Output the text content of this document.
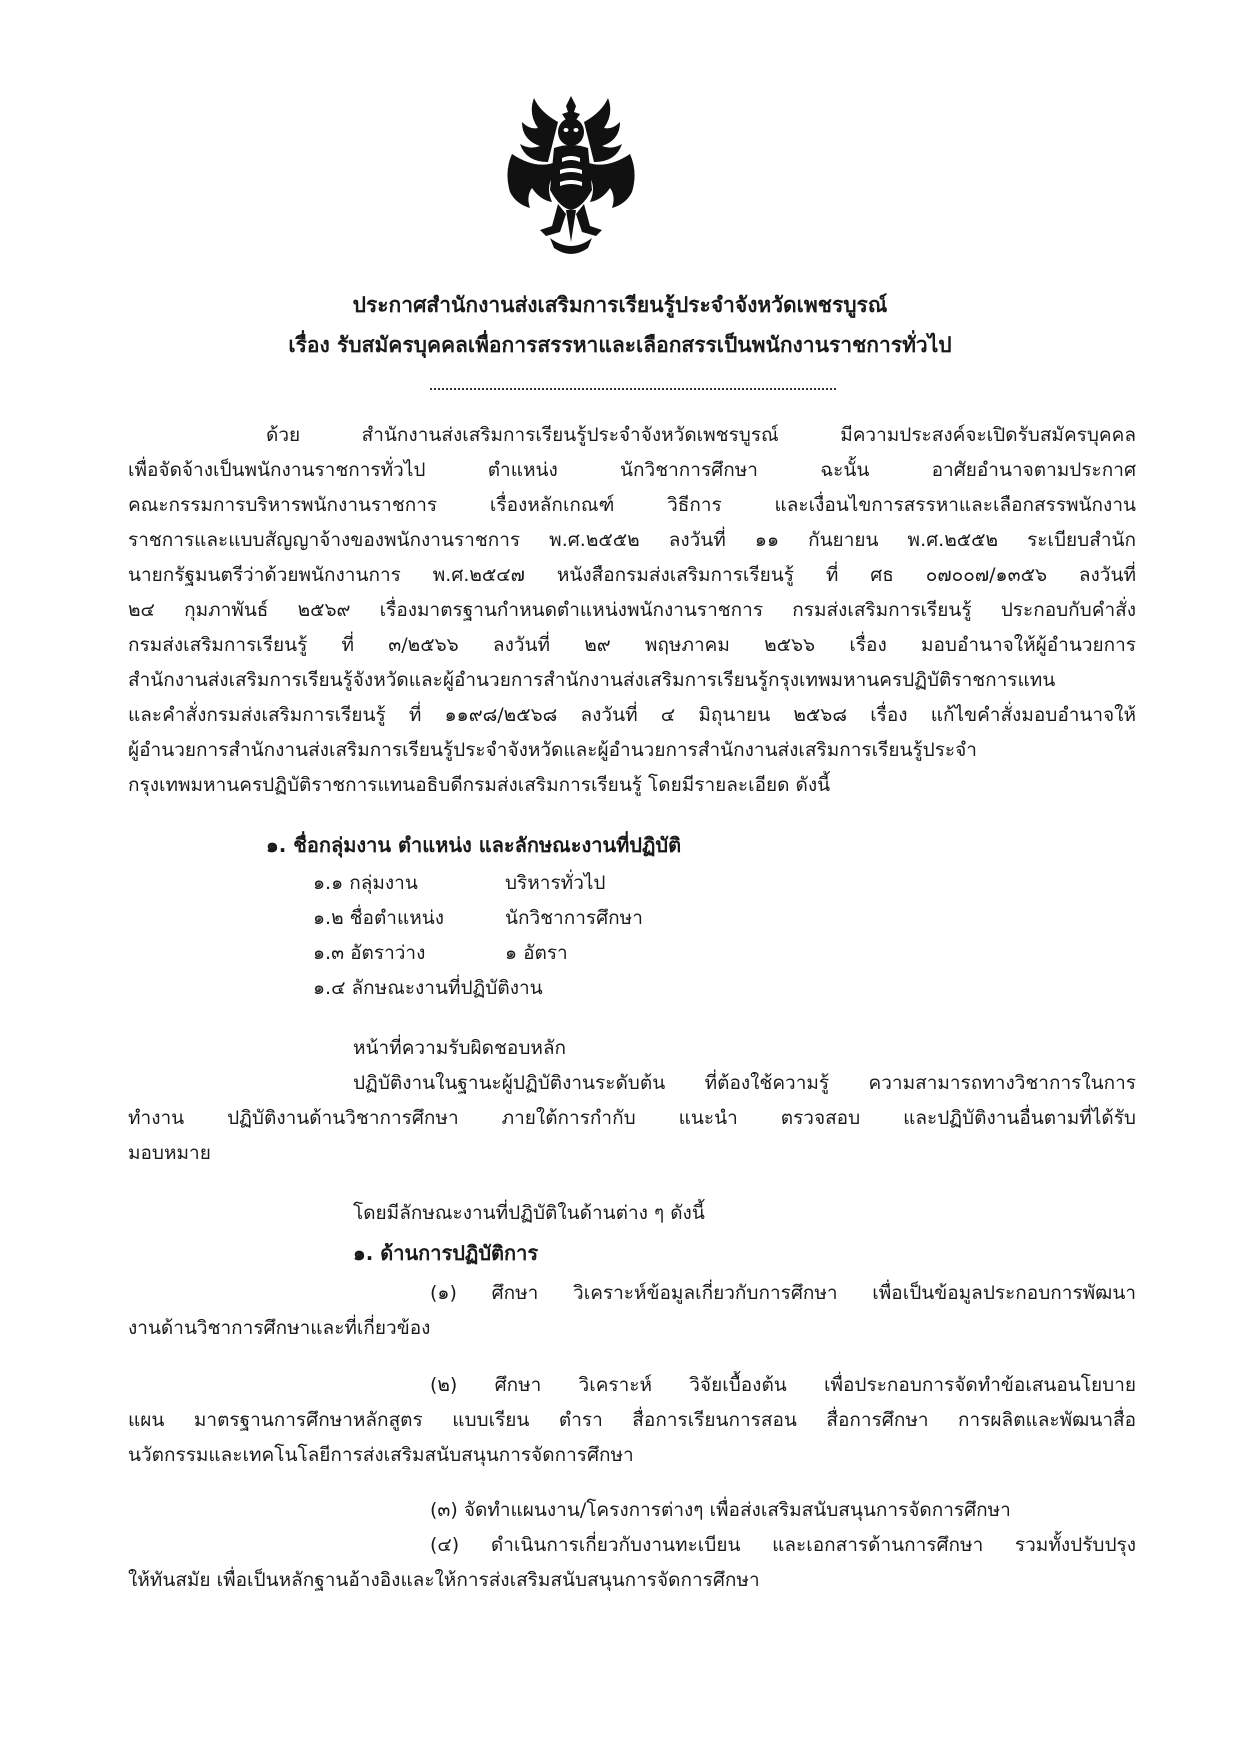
ประกาศสำนักงานส่งเสริมการเรียนรู้ประจำจังหวัดเพชรบูรณ์
เรื่อง รับสมัครบุคคลเพื่อการสรรหาและเลือกสรรเป็นพนักงานราชการทั่วไป
ด้วย สำนักงานส่งเสริมการเรียนรู้ประจำจังหวัดเพชรบูรณ์ มีความประสงค์จะเปิดรับสมัครบุคคล
เพื่อจัดจ้างเป็นพนักงานราชการทั่วไป ตำแหน่ง นักวิชาการศึกษา ฉะนั้น อาศัยอำนาจตามประกาศ
คณะกรรมการบริหารพนักงานราชการ เรื่องหลักเกณฑ์ วิธีการ และเงื่อนไขการสรรหาและเลือกสรรพนักงาน
ราชการและแบบสัญญาจ้างของพนักงานราชการ พ.ศ.๒๕๕๒ ลงวันที่ ๑๑ กันยายน พ.ศ.๒๕๕๒ ระเบียบสำนัก
นายกรัฐมนตรีว่าด้วยพนักงานการ พ.ศ.๒๕๔๗ หนังสือกรมส่งเสริมการเรียนรู้ ที่ ศธ ๐๗๐๐๗/๑๓๕๖ ลงวันที่
๒๔ กุมภาพันธ์ ๒๕๖๙ เรื่องมาตรฐานกำหนดตำแหน่งพนักงานราชการ กรมส่งเสริมการเรียนรู้ ประกอบกับคำสั่ง
กรมส่งเสริมการเรียนรู้ ที่ ๓/๒๕๖๖ ลงวันที่ ๒๙ พฤษภาคม ๒๕๖๖ เรื่อง มอบอำนาจให้ผู้อำนวยการ
สำนักงานส่งเสริมการเรียนรู้จังหวัดและผู้อำนวยการสำนักงานส่งเสริมการเรียนรู้กรุงเทพมหานครปฏิบัติราชการแทน
และคำสั่งกรมส่งเสริมการเรียนรู้ ที่ ๑๑๙๘/๒๕๖๘ ลงวันที่ ๔ มิถุนายน ๒๕๖๘ เรื่อง แก้ไขคำสั่งมอบอำนาจให้
ผู้อำนวยการสำนักงานส่งเสริมการเรียนรู้ประจำจังหวัดและผู้อำนวยการสำนักงานส่งเสริมการเรียนรู้ประจำ
กรุงเทพมหานครปฏิบัติราชการแทนอธิบดีกรมส่งเสริมการเรียนรู้ โดยมีรายละเอียด ดังนี้
๑. ชื่อกลุ่มงาน ตำแหน่ง และลักษณะงานที่ปฏิบัติ
๑.๑ กลุ่มงาน	บริหารทั่วไป
๑.๒ ชื่อตำแหน่ง	นักวิชาการศึกษา
๑.๓ อัตราว่าง	๑ อัตรา
๑.๔ ลักษณะงานที่ปฏิบัติงาน
หน้าที่ความรับผิดชอบหลัก
ปฏิบัติงานในฐานะผู้ปฏิบัติงานระดับต้น ที่ต้องใช้ความรู้ ความสามารถทางวิชาการในการ
ทำงาน ปฏิบัติงานด้านวิชาการศึกษา ภายใต้การกำกับ แนะนำ ตรวจสอบ และปฏิบัติงานอื่นตามที่ได้รับ
มอบหมาย
โดยมีลักษณะงานที่ปฏิบัติในด้านต่าง ๆ ดังนี้
๑. ด้านการปฏิบัติการ
(๑) ศึกษา วิเคราะห์ข้อมูลเกี่ยวกับการศึกษา เพื่อเป็นข้อมูลประกอบการพัฒนา
งานด้านวิชาการศึกษาและที่เกี่ยวข้อง
(๒) ศึกษา วิเคราะห์ วิจัยเบื้องต้น เพื่อประกอบการจัดทำข้อเสนอนโยบาย
แผน มาตรฐานการศึกษาหลักสูตร แบบเรียน ตำรา สื่อการเรียนการสอน สื่อการศึกษา การผลิตและพัฒนาสื่อ
นวัตกรรมและเทคโนโลยีการส่งเสริมสนับสนุนการจัดการศึกษา
(๓) จัดทำแผนงาน/โครงการต่างๆ เพื่อส่งเสริมสนับสนุนการจัดการศึกษา
(๔) ดำเนินการเกี่ยวกับงานทะเบียน และเอกสารด้านการศึกษา รวมทั้งปรับปรุง
ให้ทันสมัย เพื่อเป็นหลักฐานอ้างอิงและให้การส่งเสริมสนับสนุนการจัดการศึกษา
